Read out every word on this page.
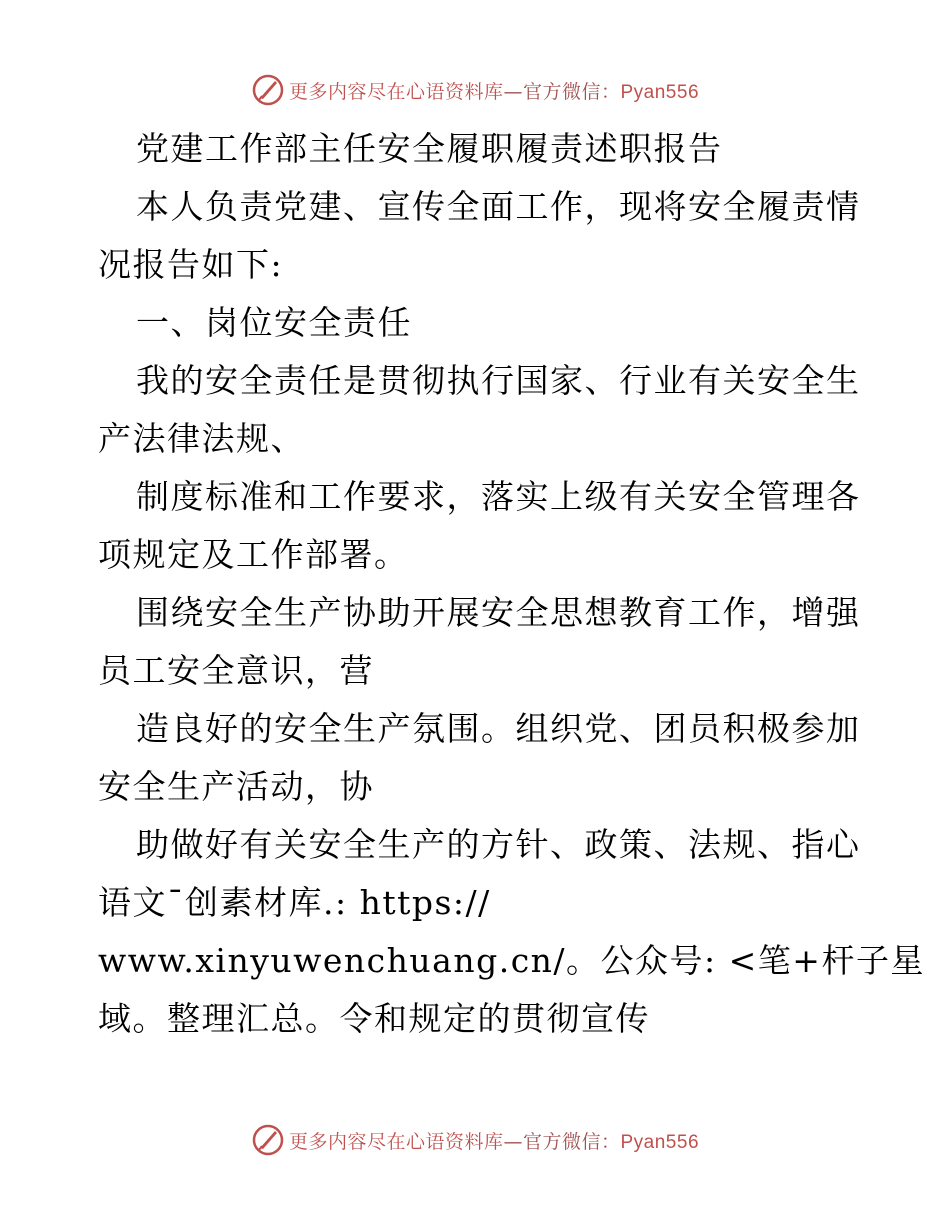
更多内容尽在心语资料库—官方微信：Pyan556
党建工作部主任安全履职履责述职报告
本人负责党建、宣传全面工作，现将安全履责情
况报告如下:
一、岗位安全责任
我的安全责任是贯彻执行国家、行业有关安全生
产法律法规、
制度标准和工作要求，落实上级有关安全管理各
项规定及工作部署。
围绕安全生产协助开展安全思想教育工作，增强
员工安全意识，营
造良好的安全生产氛围。组织党、团员积极参加
安全生产活动，协
助做好有关安全生产的方针、政策、法规、指心
语文¯创素材库.: https://
www.xinyuwenchuang.cn/。公众号: <笔+杆子星
域。整理汇总。令和规定的贯彻宣传
更多内容尽在心语资料库—官方微信：Pyan556
